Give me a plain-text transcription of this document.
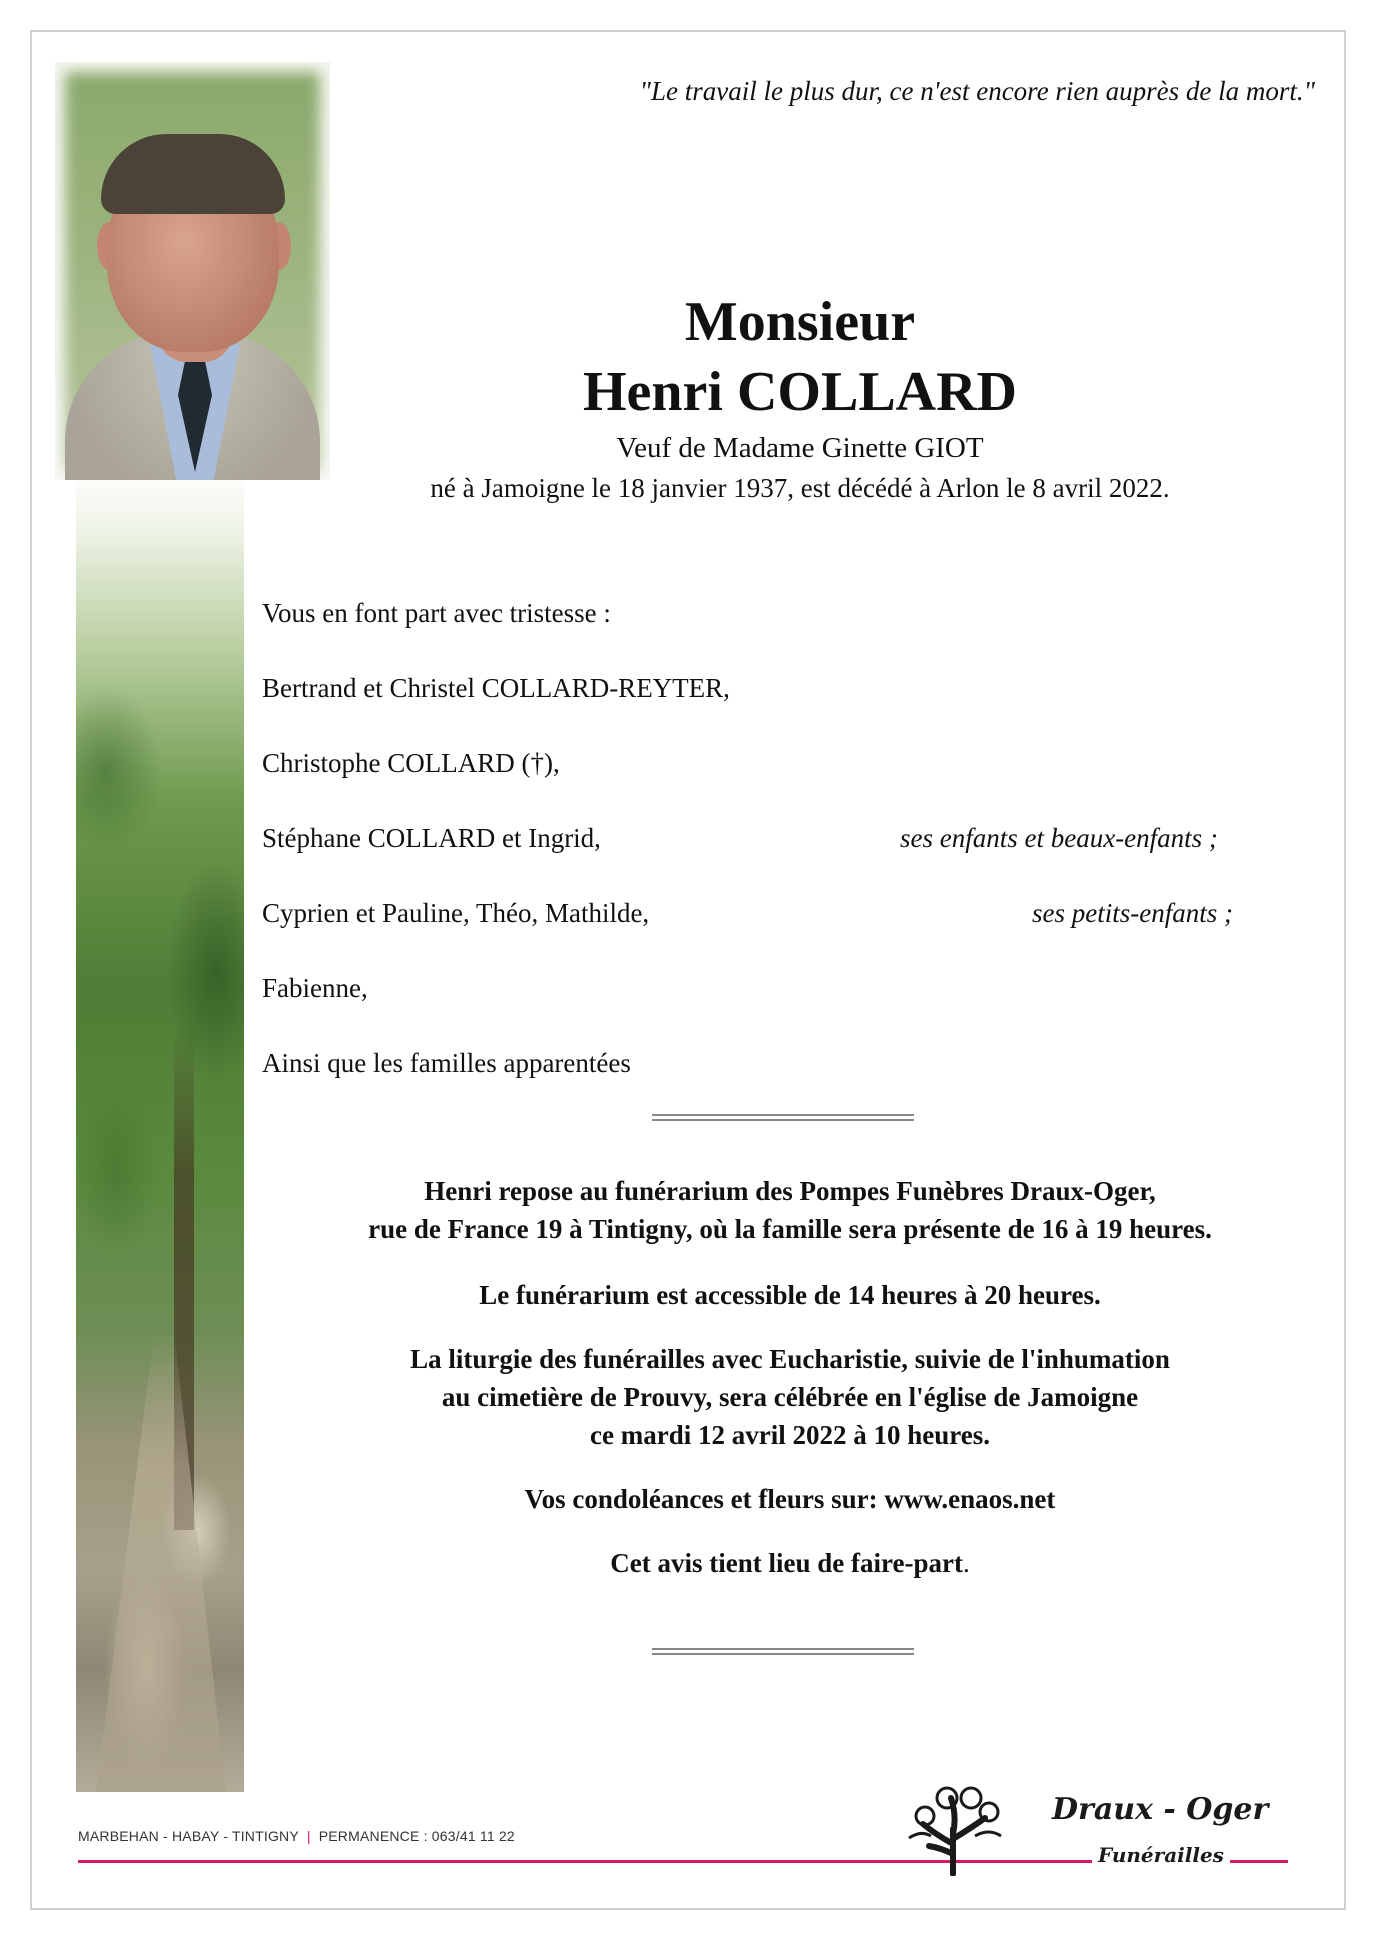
"Le travail le plus dur, ce n'est encore rien auprès de la mort."
Monsieur
Henri COLLARD
Veuf de Madame Ginette GIOT
né à Jamoigne le 18 janvier 1937, est décédé à Arlon le 8 avril 2022.
Vous en font part avec tristesse :
Bertrand et Christel COLLARD-REYTER,
Christophe COLLARD (†),
Stéphane COLLARD et Ingrid,	ses enfants et beaux-enfants ;
Cyprien et Pauline, Théo, Mathilde,	ses petits-enfants ;
Fabienne,
Ainsi que les familles apparentées

Henri repose au funérarium des Pompes Funèbres Draux-Oger,

rue de France 19 à Tintigny, où la famille sera présente de 16 à 19 heures.

Le funérarium est accessible de 14 heures à 20 heures.

La liturgie des funérailles avec Eucharistie, suivie de l'inhumation

au cimetière de Prouvy, sera célébrée en l'église de Jamoigne

ce mardi 12 avril 2022 à 10 heures.

Vos condoléances et fleurs sur: www.enaos.net

Cet avis tient lieu de faire-part.

MARBEHAN - HABAY - TINTIGNY | PERMANENCE : 063/41 11 22
Draux - Oger
Funérailles
